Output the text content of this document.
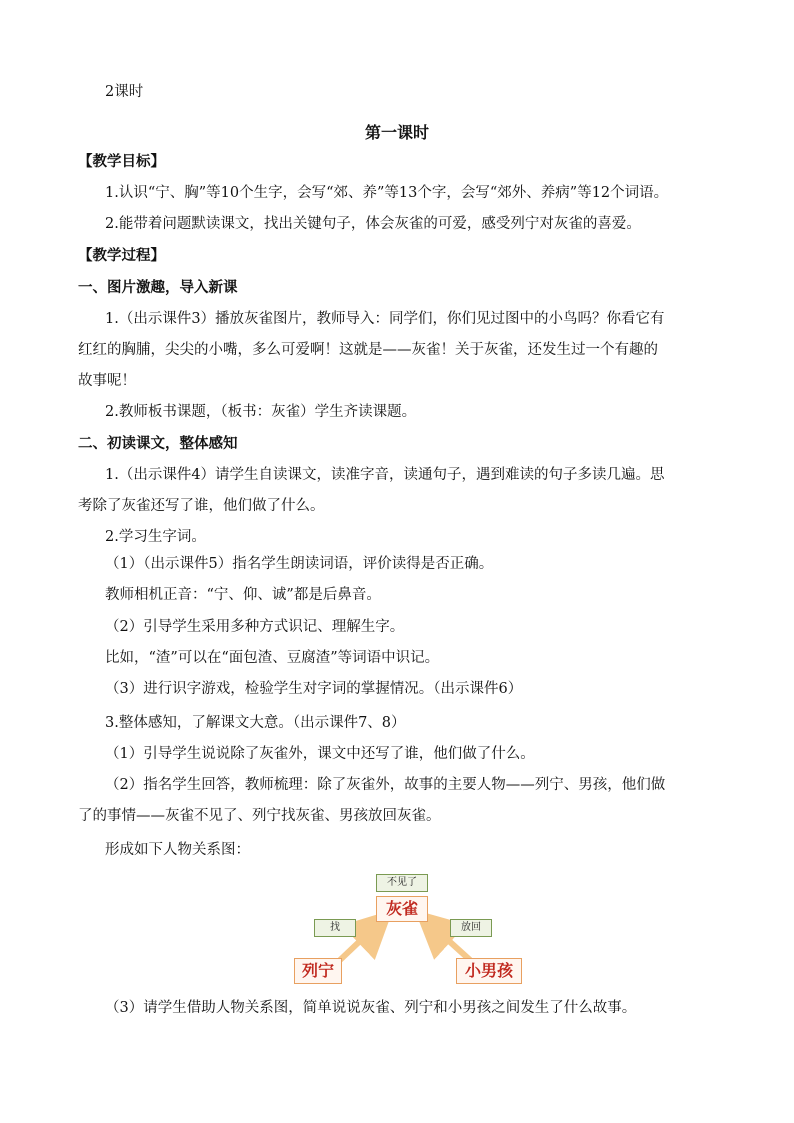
2课时
第一课时
【教学目标】
1.认识“宁、胸”等10个生字，会写“郊、养”等13个字，会写“郊外、养病”等12个词语。
2.能带着问题默读课文，找出关键句子，体会灰雀的可爱，感受列宁对灰雀的喜爱。
【教学过程】
一、图片激趣，导入新课
1.（出示课件3）播放灰雀图片，教师导入：同学们，你们见过图中的小鸟吗？你看它有
红红的胸脯，尖尖的小嘴，多么可爱啊！这就是——灰雀！关于灰雀，还发生过一个有趣的
故事呢！
2.教师板书课题，（板书：灰雀）学生齐读课题。
二、初读课文，整体感知
1.（出示课件4）请学生自读课文，读准字音，读通句子，遇到难读的句子多读几遍。思
考除了灰雀还写了谁，他们做了什么。
2.学习生字词。
（1）（出示课件5）指名学生朗读词语，评价读得是否正确。
教师相机正音：“宁、仰、诚”都是后鼻音。
（2）引导学生采用多种方式识记、理解生字。
比如，“渣”可以在“面包渣、豆腐渣”等词语中识记。
（3）进行识字游戏，检验学生对字词的掌握情况。（出示课件6）
3.整体感知，了解课文大意。（出示课件7、8）
（1）引导学生说说除了灰雀外，课文中还写了谁，他们做了什么。
（2）指名学生回答，教师梳理：除了灰雀外，故事的主要人物——列宁、男孩，他们做
了的事情——灰雀不见了、列宁找灰雀、男孩放回灰雀。
形成如下人物关系图：
不见了
找	放回
灰雀
列宁	小男孩
（3）请学生借助人物关系图，简单说说灰雀、列宁和小男孩之间发生了什么故事。
